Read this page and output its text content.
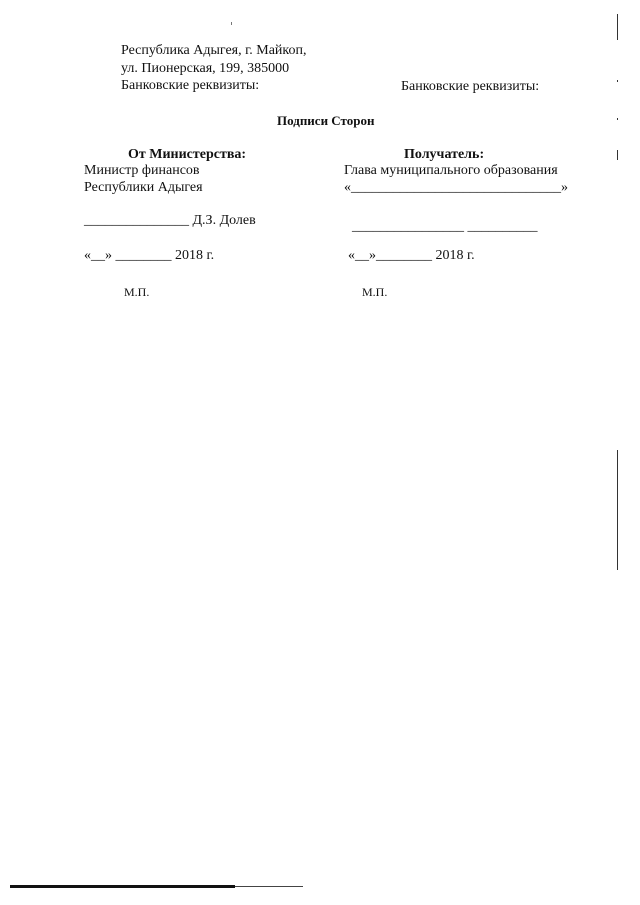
Республика Адыгея, г. Майкоп,
ул. Пионерская, 199, 385000
Банковские реквизиты:	Банковские реквизиты:
Подписи Сторон
От Министерства:
Министр финансов
Республики Адыгея
_______________ Д.З. Долев
«__» ________ 2018 г.
М.П.
Получатель:
Глава муниципального образования
«______________________________»
________________ __________
«__»________ 2018 г.
М.П.
